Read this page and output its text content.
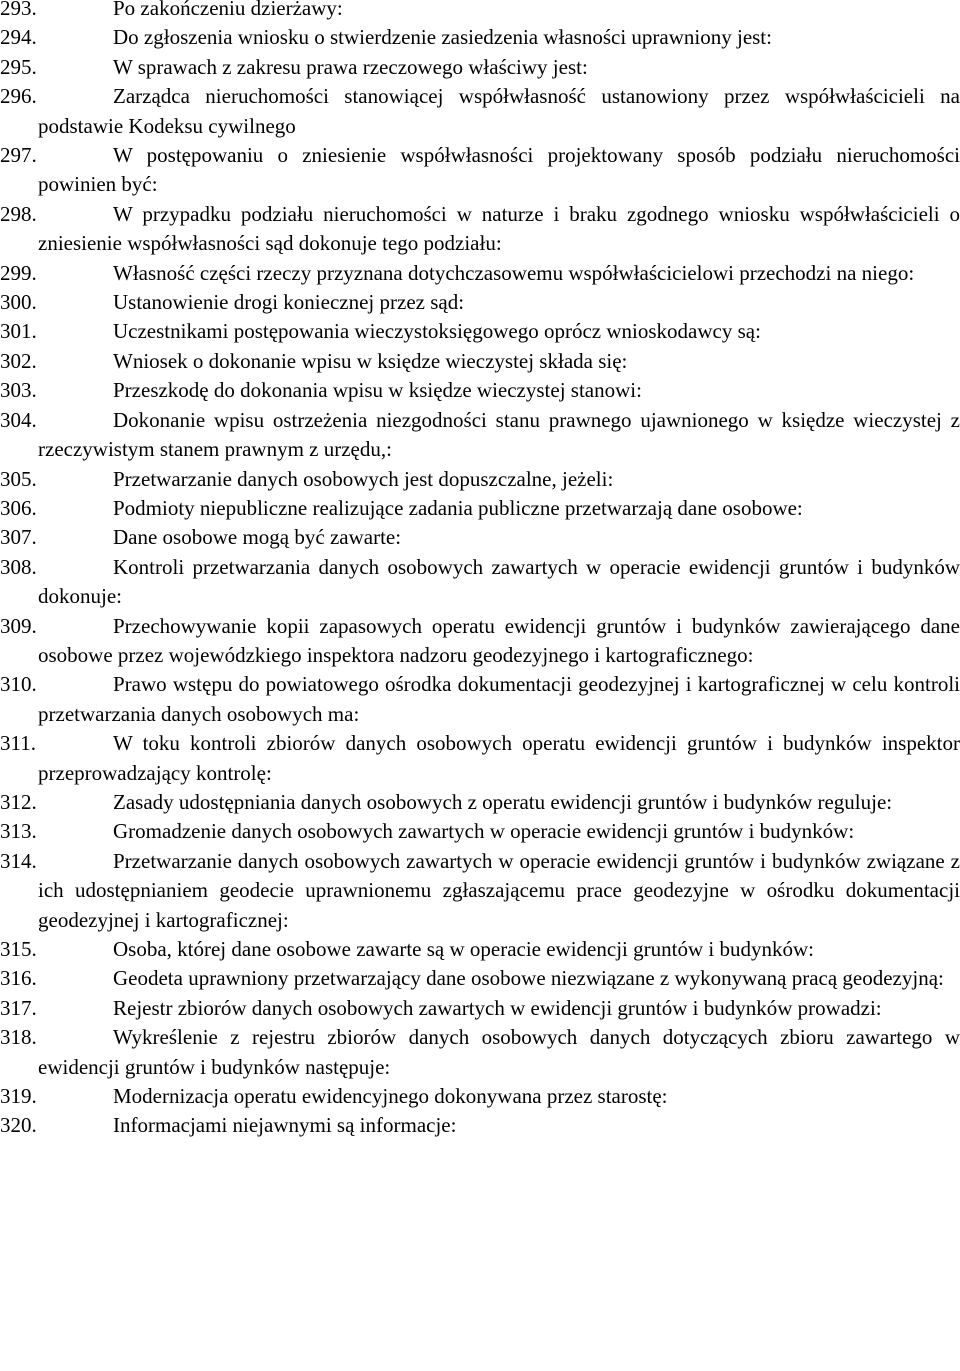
293.	Po zakończeniu dzierżawy:
294.	Do zgłoszenia wniosku o stwierdzenie zasiedzenia własności uprawniony jest:
295.	W sprawach z zakresu prawa rzeczowego właściwy jest:
296.	Zarządca nieruchomości stanowiącej współwłasność ustanowiony przez współwłaścicieli na podstawie Kodeksu cywilnego
297.	W postępowaniu o zniesienie współwłasności projektowany sposób podziału nieruchomości powinien być:
298.	W przypadku podziału nieruchomości w naturze i braku zgodnego wniosku współwłaścicieli o zniesienie współwłasności sąd dokonuje tego podziału:
299.	Własność części rzeczy przyznana dotychczasowemu współwłaścicielowi przechodzi na niego:
300.	Ustanowienie drogi koniecznej przez sąd:
301.	Uczestnikami postępowania wieczystoksięgowego oprócz wnioskodawcy są:
302.	Wniosek o dokonanie wpisu w księdze wieczystej składa się:
303.	Przeszkodę do dokonania wpisu w księdze wieczystej stanowi:
304.	Dokonanie wpisu ostrzeżenia niezgodności stanu prawnego ujawnionego w księdze wieczystej z rzeczywistym stanem prawnym z urzędu,:
305.	Przetwarzanie danych osobowych jest dopuszczalne, jeżeli:
306.	Podmioty niepubliczne realizujące zadania publiczne przetwarzają dane osobowe:
307.	Dane osobowe mogą być zawarte:
308.	Kontroli przetwarzania danych osobowych zawartych w operacie ewidencji gruntów i budynków dokonuje:
309.	Przechowywanie kopii zapasowych operatu ewidencji gruntów i budynków zawierającego dane osobowe przez wojewódzkiego inspektora nadzoru geodezyjnego i kartograficznego:
310.	Prawo wstępu do powiatowego ośrodka dokumentacji geodezyjnej i kartograficznej w celu kontroli przetwarzania danych osobowych ma:
311.	W toku kontroli zbiorów danych osobowych operatu ewidencji gruntów i budynków inspektor przeprowadzający kontrolę:
312.	Zasady udostępniania danych osobowych z operatu ewidencji gruntów i budynków reguluje:
313.	Gromadzenie danych osobowych zawartych w operacie ewidencji gruntów i budynków:
314.	Przetwarzanie danych osobowych zawartych w operacie ewidencji gruntów i budynków związane z ich udostępnianiem geodecie uprawnionemu zgłaszającemu prace geodezyjne w ośrodku dokumentacji geodezyjnej i kartograficznej:
315.	Osoba, której dane osobowe zawarte są w operacie ewidencji gruntów i budynków:
316.	Geodeta uprawniony przetwarzający dane osobowe niezwiązane z wykonywaną pracą geodezyjną:
317.	Rejestr zbiorów danych osobowych zawartych w ewidencji gruntów i budynków prowadzi:
318.	Wykreślenie z rejestru zbiorów danych osobowych danych dotyczących zbioru zawartego w ewidencji gruntów i budynków następuje:
319.	Modernizacja operatu ewidencyjnego dokonywana przez starostę:
320.	Informacjami niejawnymi są informacje:
